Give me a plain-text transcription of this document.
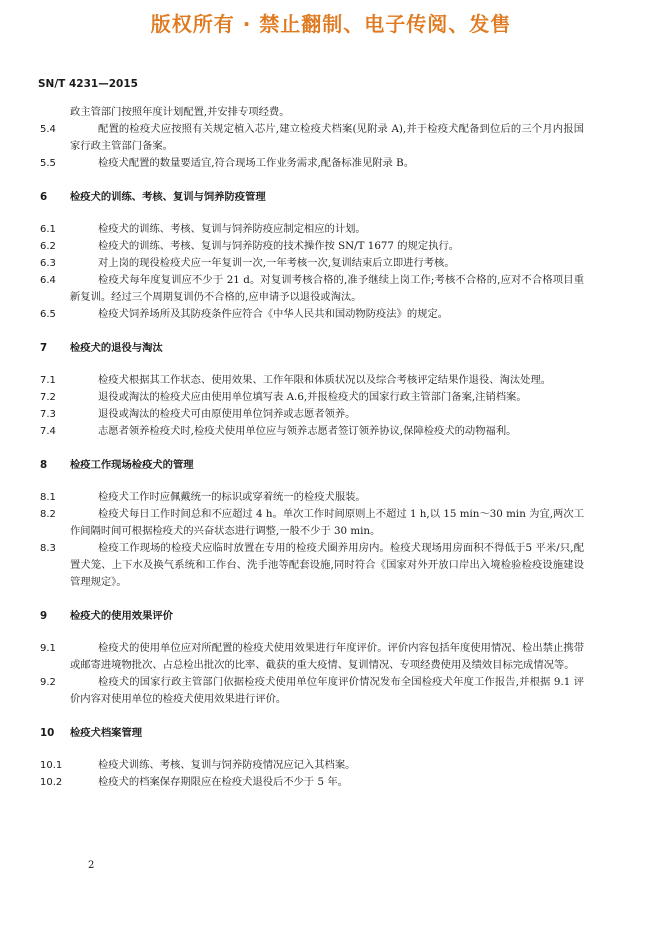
版权所有 · 禁止翻制、电子传阅、发售
SN/T 4231—2015

政主管部门按照年度计划配置,并安排专项经费。

5.4	配置的检疫犬应按照有关规定植入芯片,建立检疫犬档案(见附录 A),并于检疫犬配备到位后的三个月内报国家行政主管部门备案。

5.5	检疫犬配置的数量要适宜,符合现场工作业务需求,配备标准见附录 B。

6 检疫犬的训练、考核、复训与饲养防疫管理

6.1	检疫犬的训练、考核、复训与饲养防疫应制定相应的计划。

6.2	检疫犬的训练、考核、复训与饲养防疫的技术操作按 SN/T 1677 的规定执行。

6.3	对上岗的现役检疫犬应一年复训一次,一年考核一次,复训结束后立即进行考核。

6.4	检疫犬每年度复训应不少于 21 d。对复训考核合格的,准予继续上岗工作;考核不合格的,应对不合格项目重新复训。经过三个周期复训仍不合格的,应申请予以退役或淘汰。

6.5	检疫犬饲养场所及其防疫条件应符合《中华人民共和国动物防疫法》的规定。

7 检疫犬的退役与淘汰

7.1	检疫犬根据其工作状态、使用效果、工作年限和体质状况以及综合考核评定结果作退役、淘汰处理。

7.2	退役或淘汰的检疫犬应由使用单位填写表 A.6,并报检疫犬的国家行政主管部门备案,注销档案。

7.3	退役或淘汰的检疫犬可由原使用单位饲养或志愿者领养。

7.4	志愿者领养检疫犬时,检疫犬使用单位应与领养志愿者签订领养协议,保障检疫犬的动物福利。

8 检疫工作现场检疫犬的管理

8.1	检疫犬工作时应佩戴统一的标识或穿着统一的检疫犬服装。

8.2	检疫犬每日工作时间总和不应超过 4 h。单次工作时间原则上不超过 1 h,以 15 min～30 min 为宜,两次工作间隔时间可根据检疫犬的兴奋状态进行调整,一般不少于 30 min。

8.3	检疫工作现场的检疫犬应临时放置在专用的检疫犬圈养用房内。检疫犬现场用房面积不得低于5 平米/只,配置犬笼、上下水及换气系统和工作台、洗手池等配套设施,同时符合《国家对外开放口岸出入境检验检疫设施建设管理规定》。

9 检疫犬的使用效果评价

9.1	检疫犬的使用单位应对所配置的检疫犬使用效果进行年度评价。评价内容包括年度使用情况、检出禁止携带或邮寄进境物批次、占总检出批次的比率、截获的重大疫情、复训情况、专项经费使用及绩效目标完成情况等。

9.2	检疫犬的国家行政主管部门依据检疫犬使用单位年度评价情况发布全国检疫犬年度工作报告,并根据 9.1 评价内容对使用单位的检疫犬使用效果进行评价。

10 检疫犬档案管理

10.1	检疫犬训练、考核、复训与饲养防疫情况应记入其档案。

10.2	检疫犬的档案保存期限应在检疫犬退役后不少于 5 年。

2
